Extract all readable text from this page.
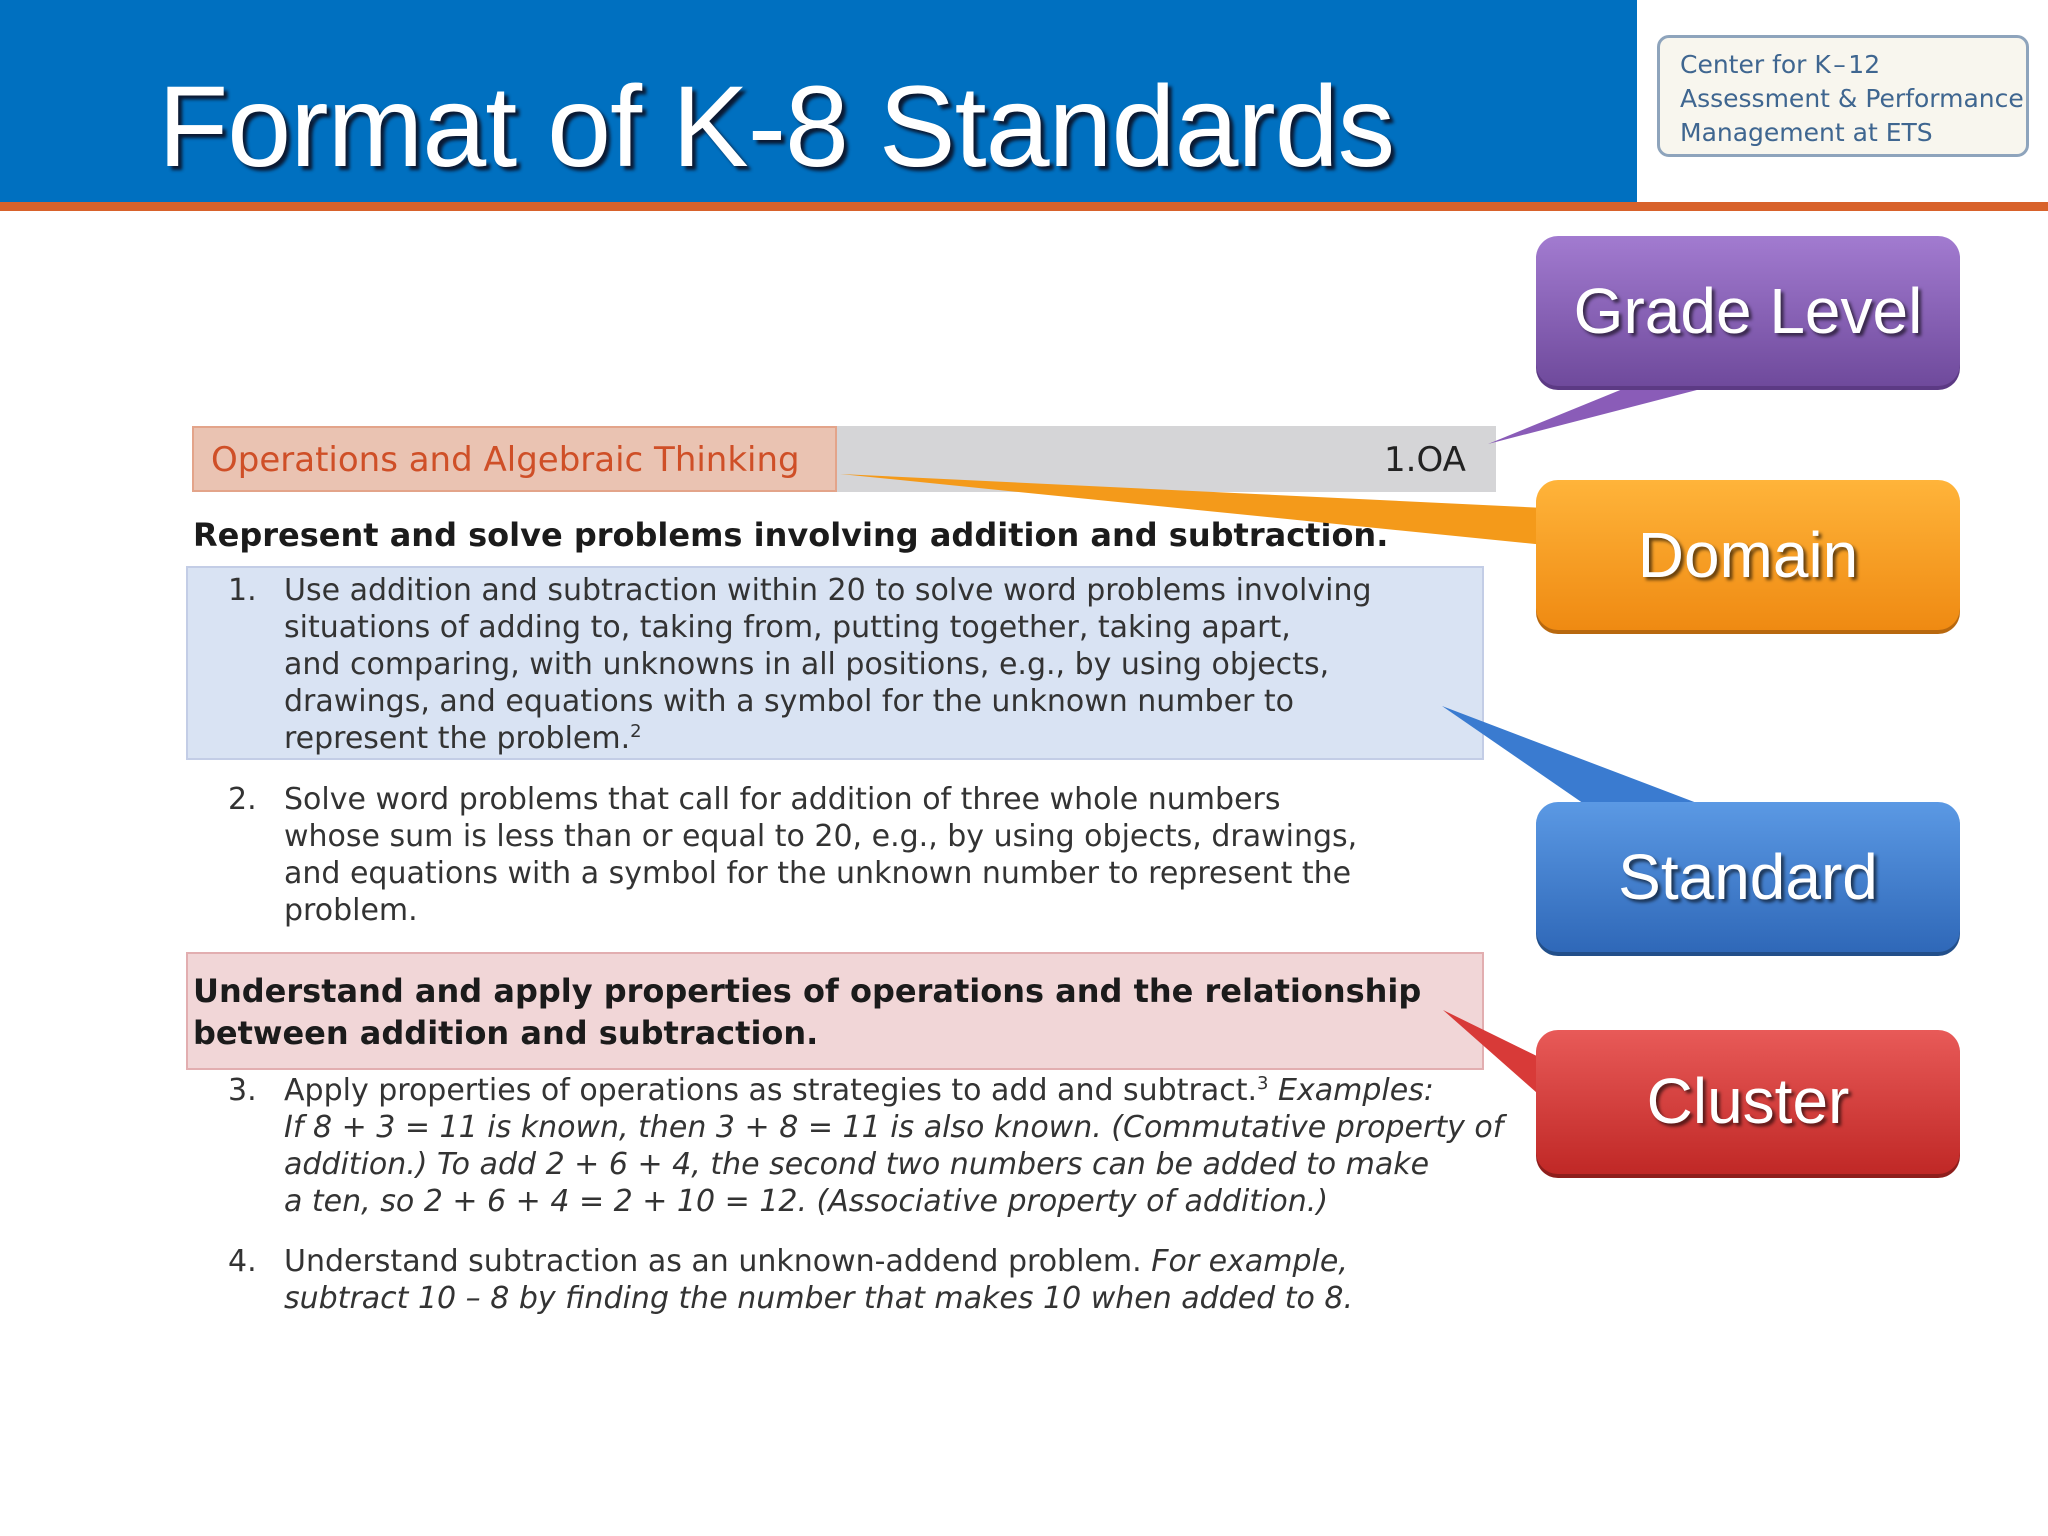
Format of K-8 Standards	Center for K – 12
Assessment & Performance
Management at ETS
Operations and Algebraic Thinking	1.OA
Represent and solve problems involving addition and subtraction.
1. Use addition and subtraction within 20 to solve word problems involving
situations of adding to, taking from, putting together, taking apart,
and comparing, with unknowns in all positions, e.g., by using objects,
drawings, and equations with a symbol for the unknown number to
represent the problem.$^2$

2. Solve word problems that call for addition of three whole numbers
whose sum is less than or equal to 20, e.g., by using objects, drawings,
and equations with a symbol for the unknown number to represent the
problem.

Understand and apply properties of operations and the relationship
between addition and subtraction.
3. Apply properties of operations as strategies to add and subtract.$^3$ Examples:
If 8 + 3 = 11 is known, then 3 + 8 = 11 is also known. (Commutative property of
addition.) To add 2 + 6 + 4, the second two numbers can be added to make
a ten, so 2 + 6 + 4 = 2 + 10 = 12. (Associative property of addition.)

4. Understand subtraction as an unknown-addend problem. For example,
subtract 10 – 8 by finding the number that makes 10 when added to 8.

Grade Level
Domain
Standard
Cluster
